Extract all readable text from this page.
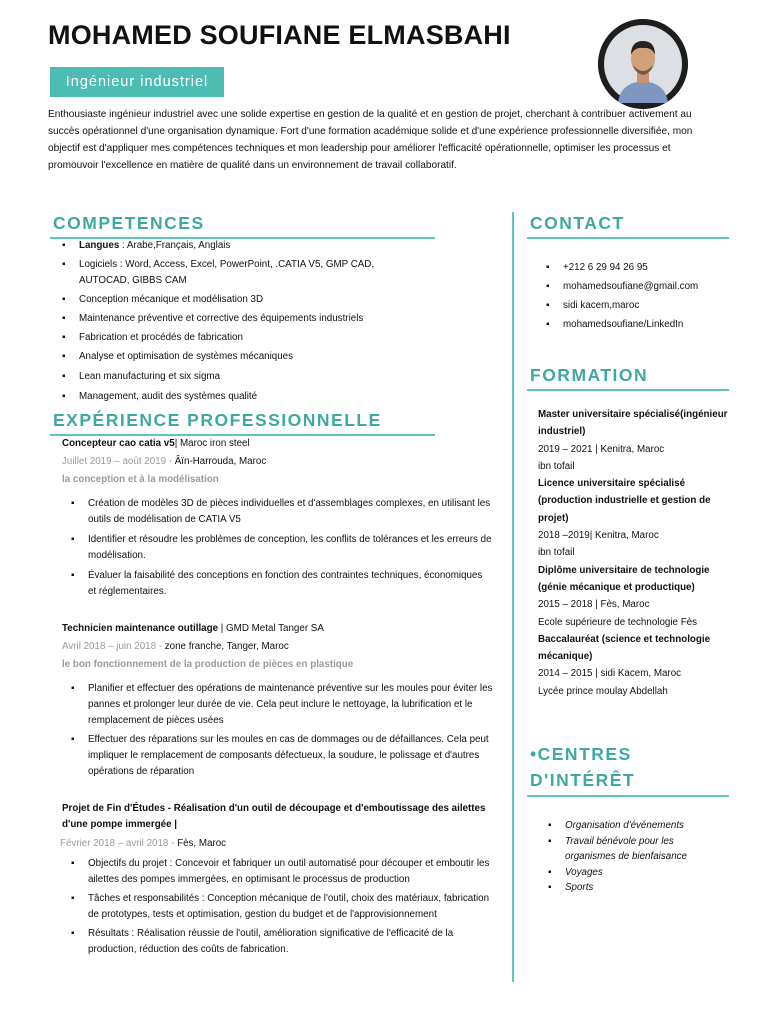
MOHAMED SOUFIANE ELMASBAHI
Ingénieur industriel
Enthousiaste ingénieur industriel avec une solide expertise en gestion de la qualité et en gestion de projet, cherchant à contribuer activement au succès opérationnel d'une organisation dynamique. Fort d'une formation académique solide et d'une expérience professionnelle diversifiée, mon objectif est d'appliquer mes compétences techniques et mon leadership pour améliorer l'efficacité opérationnelle, optimiser les processus et promouvoir l'excellence en matière de qualité dans un environnement de travail collaboratif.
COMPETENCES
▪ Langues : Arabe,Français, Anglais
▪ Logiciels : Word, Access, Excel, PowerPoint, .CATIA V5, GMP CAD, AUTOCAD, GIBBS CAM
▪ Conception mécanique et modélisation 3D
▪ Maintenance préventive et corrective des équipements industriels
▪ Fabrication et procédés de fabrication
▪ Analyse et optimisation de systèmes mécaniques
▪ Lean manufacturing et six sigma
▪ Management, audit des systèmes qualité
EXPÉRIENCE PROFESSIONNELLE
Concepteur cao catia v5| Maroc iron steel
Juillet 2019 – août 2019 - Âïn-Harrouda, Maroc
la conception et à la modélisation
▪ Création de modèles 3D de pièces individuelles et d'assemblages complexes, en utilisant les outils de modélisation de CATIA V5
▪ Identifier et résoudre les problèmes de conception, les conflits de tolérances et les erreurs de modélisation.
▪ Évaluer la faisabilité des conceptions en fonction des contraintes techniques, économiques et réglementaires.
Technicien maintenance outillage | GMD Metal Tanger SA
Avril 2018 – juin 2018 - zone franche, Tanger, Maroc
le bon fonctionnement de la production de pièces en plastique
▪ Planifier et effectuer des opérations de maintenance préventive sur les moules pour éviter les pannes et prolonger leur durée de vie. Cela peut inclure le nettoyage, la lubrification et le remplacement de pièces usées
▪ Effectuer des réparations sur les moules en cas de dommages ou de défaillances. Cela peut impliquer le remplacement de composants défectueux, la soudure, le polissage et d'autres opérations de réparation
Projet de Fin d'Études - Réalisation d'un outil de découpage et d'emboutissage des ailettes d'une pompe immergée |
Février 2018 – avril 2018 - Fès, Maroc
▪ Objectifs du projet : Concevoir et fabriquer un outil automatisé pour découper et emboutir les ailettes des pompes immergées, en optimisant le processus de production
▪ Tâches et responsabilités : Conception mécanique de l'outil, choix des matériaux, fabrication de prototypes, tests et optimisation, gestion du budget et de l'approvisionnement
▪ Résultats : Réalisation réussie de l'outil, amélioration significative de l'efficacité de la production, réduction des coûts de fabrication.
CONTACT
▪ +212 6 29 94 26 95
▪ mohamedsoufiane@gmail.com
▪ sidi kacem,maroc
▪ mohamedsoufiane/LinkedIn
FORMATION
Master universitaire spécialisé(ingénieur industriel)
2019 – 2021 | Kenitra, Maroc
ibn tofail
Licence universitaire spécialisé (production industrielle et gestion de projet)
2018 –2019| Kenitra, Maroc
ibn tofail
Diplôme universitaire de technologie (génie mécanique et productique)
2015 – 2018 | Fès, Maroc
Ecole supérieure de technologie Fès
Baccalauréat (science et technologie mécanique)
2014 – 2015 | sidi Kacem, Maroc
Lycée prince moulay Abdellah
•CENTRES
D'INTÉRÊT
▪ Organisation d'événements
▪ Travail bénévole pour les organismes de bienfaisance
▪ Voyages
▪ Sports
